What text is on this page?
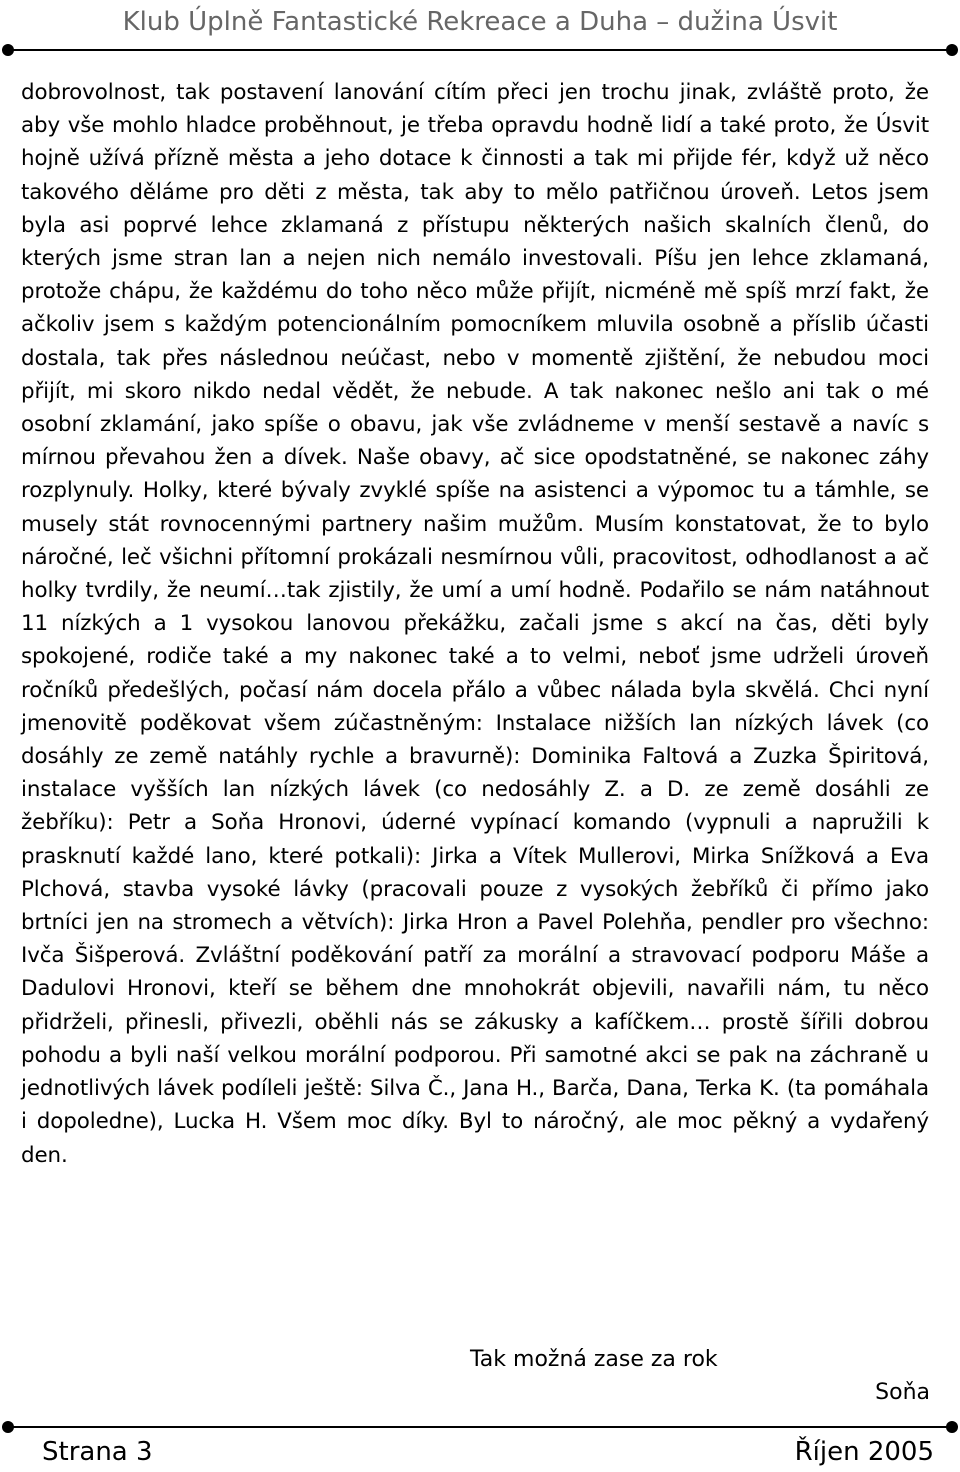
Klub Úplně Fantastické Rekreace a Duha – dužina Úsvit

dobrovolnost, tak postavení lanování cítím přeci jen trochu jinak, zvláště proto, že aby vše mohlo hladce proběhnout, je třeba opravdu hodně lidí a také proto, že Úsvit hojně užívá přízně města a jeho dotace k činnosti a tak mi přijde fér, když už něco takového děláme pro děti z města, tak aby to mělo patřičnou úroveň. Letos jsem byla asi poprvé lehce zklamaná z přístupu některých našich skalních členů, do kterých jsme stran lan a nejen nich nemálo investovali. Píšu jen lehce zklamaná, protože chápu, že každému do toho něco může přijít, nicméně mě spíš mrzí fakt, že ačkoliv jsem s každým potencionálním pomocníkem mluvila osobně a příslib účasti dostala, tak přes následnou neúčast, nebo v momentě zjištění, že nebudou moci přijít, mi skoro nikdo nedal vědět, že nebude. A tak nakonec nešlo ani tak o mé osobní zklamání, jako spíše o obavu, jak vše zvládneme v menší sestavě a navíc s mírnou převahou žen a dívek. Naše obavy, ač sice opodstatněné, se nakonec záhy rozplynuly. Holky, které bývaly zvyklé spíše na asistenci a výpomoc tu a támhle, se musely stát rovnocennými partnery našim mužům. Musím konstatovat, že to bylo náročné, leč všichni přítomní prokázali nesmírnou vůli, pracovitost, odhodlanost a ač holky tvrdily, že neumí…tak zjistily, že umí a umí hodně. Podařilo se nám natáhnout 11 nízkých a 1 vysokou lanovou překážku, začali jsme s akcí na čas, děti byly spokojené, rodiče také a my nakonec také a to velmi, neboť jsme udrželi úroveň ročníků předešlých, počasí nám docela přálo a vůbec nálada byla skvělá. Chci nyní jmenovitě poděkovat všem zúčastněným: Instalace nižších lan nízkých lávek (co dosáhly ze země natáhly rychle a bravurně): Dominika Faltová a Zuzka Špiritová, instalace vyšších lan nízkých lávek (co nedosáhly Z. a D. ze země dosáhli ze žebříku): Petr a Soňa Hronovi, úderné vypínací komando (vypnuli a napružili k prasknutí každé lano, které potkali): Jirka a Vítek Mullerovi, Mirka Snížková a Eva Plchová, stavba vysoké lávky (pracovali pouze z vysokých žebříků či přímo jako brtníci jen na stromech a větvích): Jirka Hron a Pavel Polehňa, pendler pro všechno: Ivča Šišperová. Zvláštní poděkování patří za morální a stravovací podporu Máše a Dadulovi Hronovi, kteří se během dne mnohokrát objevili, navařili nám, tu něco přidrželi, přinesli, přivezli, oběhli nás se zákusky a kafíčkem… prostě šířili dobrou pohodu a byli naší velkou morální podporou. Při samotné akci se pak na záchraně u jednotlivých lávek podíleli ještě: Silva Č., Jana H., Barča, Dana, Terka K. (ta pomáhala i dopoledne), Lucka H. Všem moc díky. Byl to náročný, ale moc pěkný a vydařený den.

Tak možná zase za rok
Soňa
Strana 3	Říjen 2005
